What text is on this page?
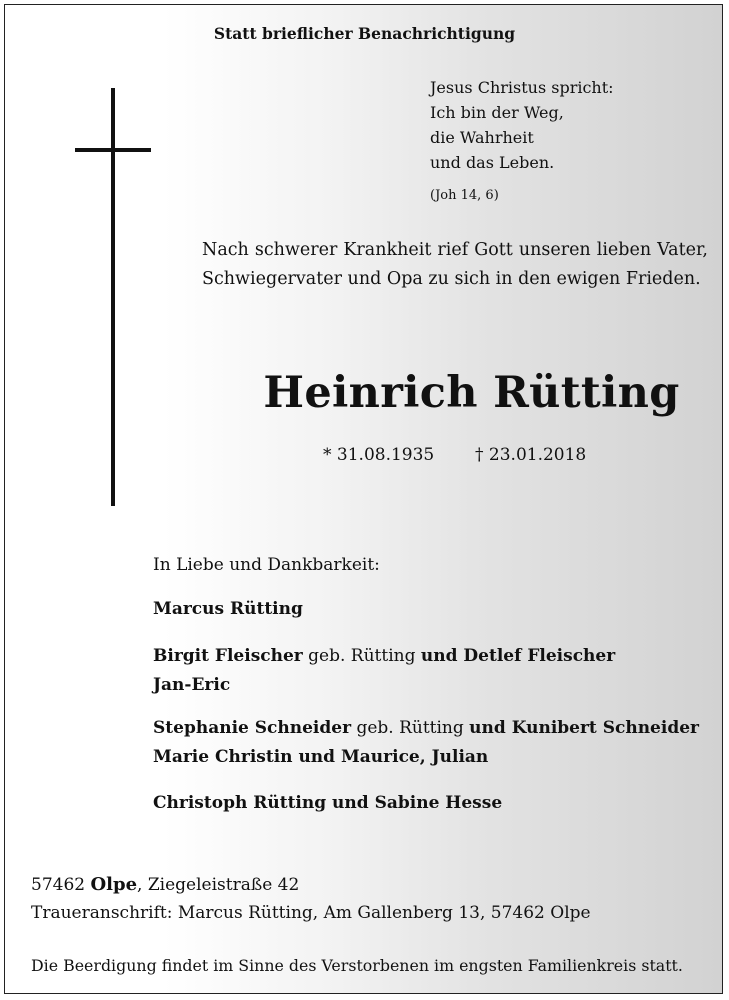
Statt brieflicher Benachrichtigung
Jesus Christus spricht:
Ich bin der Weg,
die Wahrheit
und das Leben.
(Joh 14, 6)
Nach schwerer Krankheit rief Gott unseren lieben Vater, Schwiegervater und Opa zu sich in den ewigen Frieden.
Heinrich Rütting
* 31.08.1935 † 23.01.2018
In Liebe und Dankbarkeit:
Marcus Rütting
Birgit Fleischer geb. Rütting und Detlef Fleischer
Jan-Eric
Stephanie Schneider geb. Rütting und Kunibert Schneider
Marie Christin und Maurice, Julian
Christoph Rütting und Sabine Hesse
57462 Olpe, Ziegeleistraße 42
Traueranschrift: Marcus Rütting, Am Gallenberg 13, 57462 Olpe
Die Beerdigung findet im Sinne des Verstorbenen im engsten Familienkreis statt.
